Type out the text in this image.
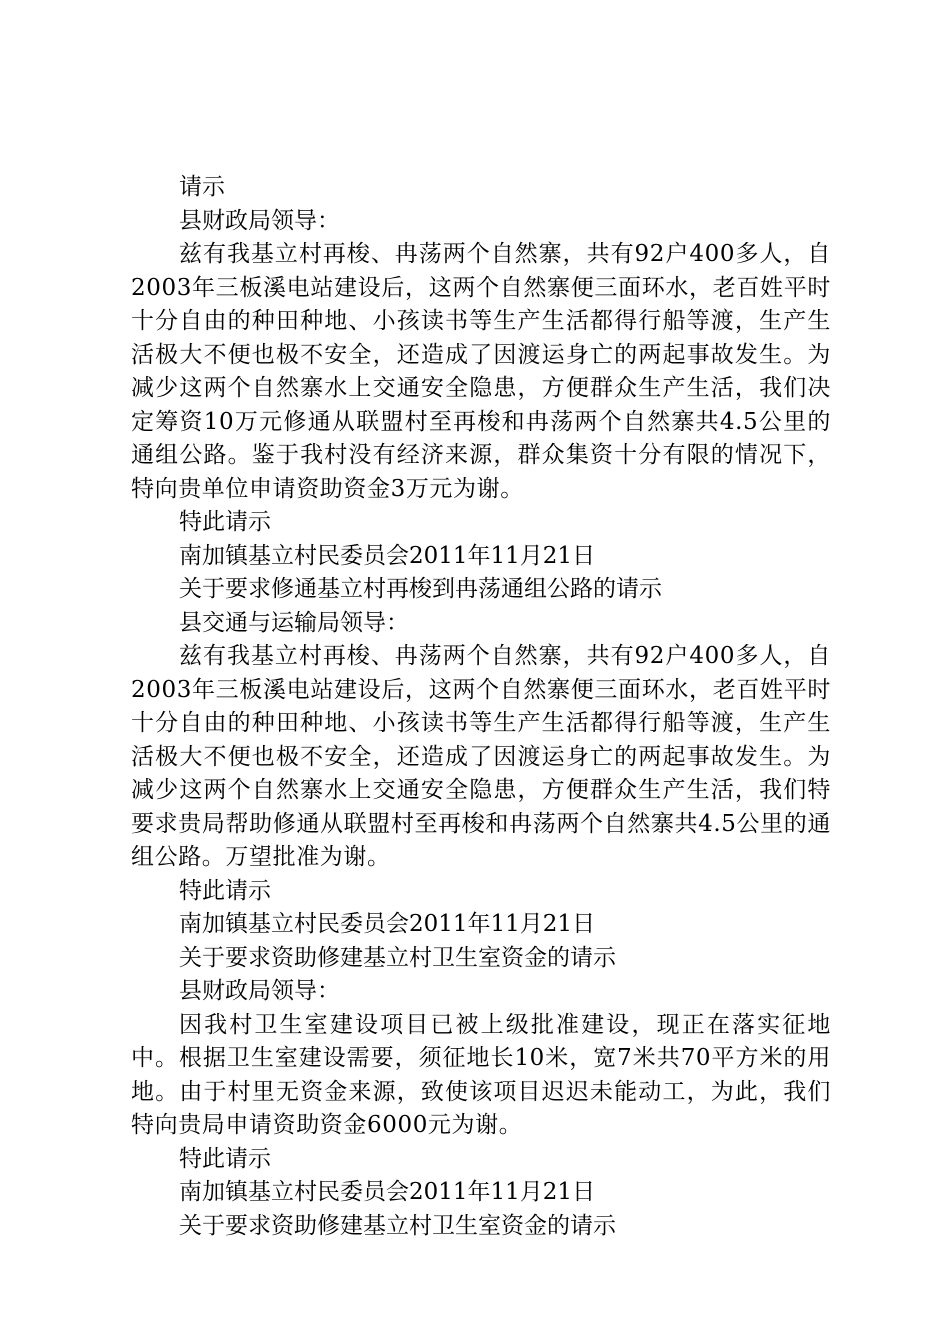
请示
县财政局领导：
兹有我基立村再梭、冉荡两个自然寨，共有92户400多人，自2003年三板溪电站建设后，这两个自然寨便三面环水，老百姓平时十分自由的种田种地、小孩读书等生产生活都得行船等渡，生产生活极大不便也极不安全，还造成了因渡运身亡的两起事故发生。为减少这两个自然寨水上交通安全隐患，方便群众生产生活，我们决定筹资10万元修通从联盟村至再梭和冉荡两个自然寨共4.5公里的通组公路。鉴于我村没有经济来源，群众集资十分有限的情况下，特向贵单位申请资助资金3万元为谢。
特此请示
南加镇基立村民委员会2011年11月21日
关于要求修通基立村再梭到冉荡通组公路的请示
县交通与运输局领导：
兹有我基立村再梭、冉荡两个自然寨，共有92户400多人，自2003年三板溪电站建设后，这两个自然寨便三面环水，老百姓平时十分自由的种田种地、小孩读书等生产生活都得行船等渡，生产生活极大不便也极不安全，还造成了因渡运身亡的两起事故发生。为减少这两个自然寨水上交通安全隐患，方便群众生产生活，我们特要求贵局帮助修通从联盟村至再梭和冉荡两个自然寨共4.5公里的通组公路。万望批准为谢。
特此请示
南加镇基立村民委员会2011年11月21日
关于要求资助修建基立村卫生室资金的请示
县财政局领导：
因我村卫生室建设项目已被上级批准建设，现正在落实征地中。根据卫生室建设需要，须征地长10米，宽7米共70平方米的用地。由于村里无资金来源，致使该项目迟迟未能动工，为此，我们特向贵局申请资助资金6000元为谢。
特此请示
南加镇基立村民委员会2011年11月21日
关于要求资助修建基立村卫生室资金的请示
